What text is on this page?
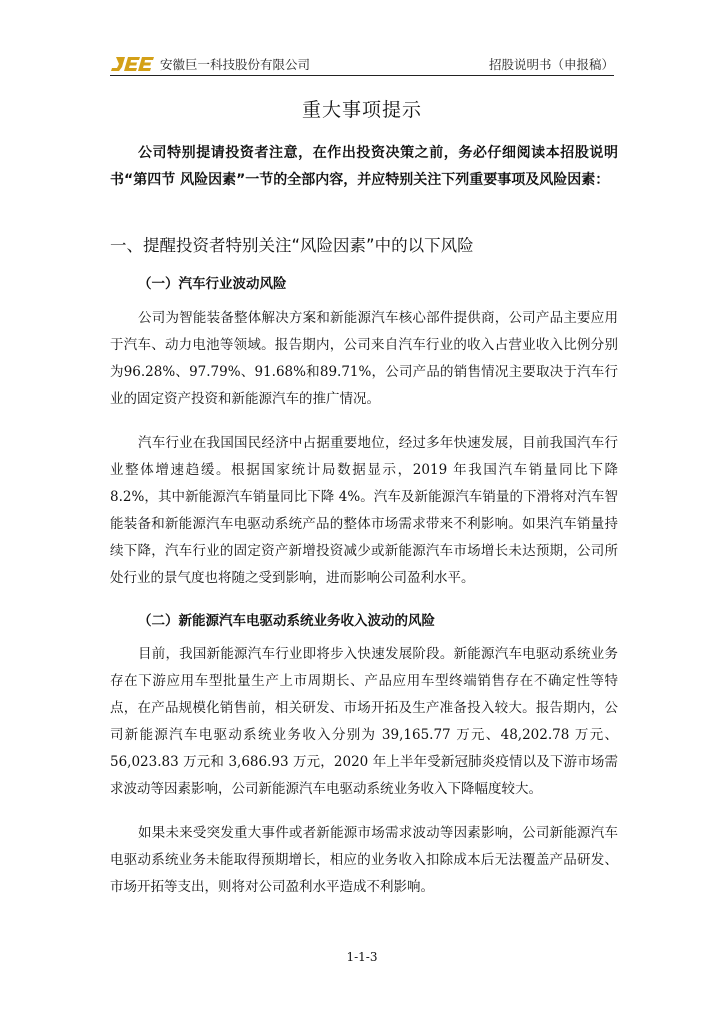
安徽巨一科技股份有限公司	招股说明书（申报稿）
重大事项提示

公司特别提请投资者注意，在作出投资决策之前，务必仔细阅读本招股说明书“第四节 风险因素”一节的全部内容，并应特别关注下列重要事项及风险因素：

一、提醒投资者特别关注“风险因素”中的以下风险
（一）汽车行业波动风险

公司为智能装备整体解决方案和新能源汽车核心部件提供商，公司产品主要应用于汽车、动力电池等领域。报告期内，公司来自汽车行业的收入占营业收入比例分别为96.28%、97.79%、91.68%和89.71%，公司产品的销售情况主要取决于汽车行业的固定资产投资和新能源汽车的推广情况。

汽车行业在我国国民经济中占据重要地位，经过多年快速发展，目前我国汽车行业整体增速趋缓。根据国家统计局数据显示，2019 年我国汽车销量同比下降 8.2%，其中新能源汽车销量同比下降 4%。汽车及新能源汽车销量的下滑将对汽车智能装备和新能源汽车电驱动系统产品的整体市场需求带来不利影响。如果汽车销量持续下降，汽车行业的固定资产新增投资减少或新能源汽车市场增长未达预期，公司所处行业的景气度也将随之受到影响，进而影响公司盈利水平。

（二）新能源汽车电驱动系统业务收入波动的风险

目前，我国新能源汽车行业即将步入快速发展阶段。新能源汽车电驱动系统业务存在下游应用车型批量生产上市周期长、产品应用车型终端销售存在不确定性等特点，在产品规模化销售前，相关研发、市场开拓及生产准备投入较大。报告期内，公司新能源汽车电驱动系统业务收入分别为 39,165.77 万元、48,202.78 万元、56,023.83 万元和 3,686.93 万元，2020 年上半年受新冠肺炎疫情以及下游市场需求波动等因素影响，公司新能源汽车电驱动系统业务收入下降幅度较大。

如果未来受突发重大事件或者新能源市场需求波动等因素影响，公司新能源汽车电驱动系统业务未能取得预期增长，相应的业务收入扣除成本后无法覆盖产品研发、市场开拓等支出，则将对公司盈利水平造成不利影响。

1-1-3
